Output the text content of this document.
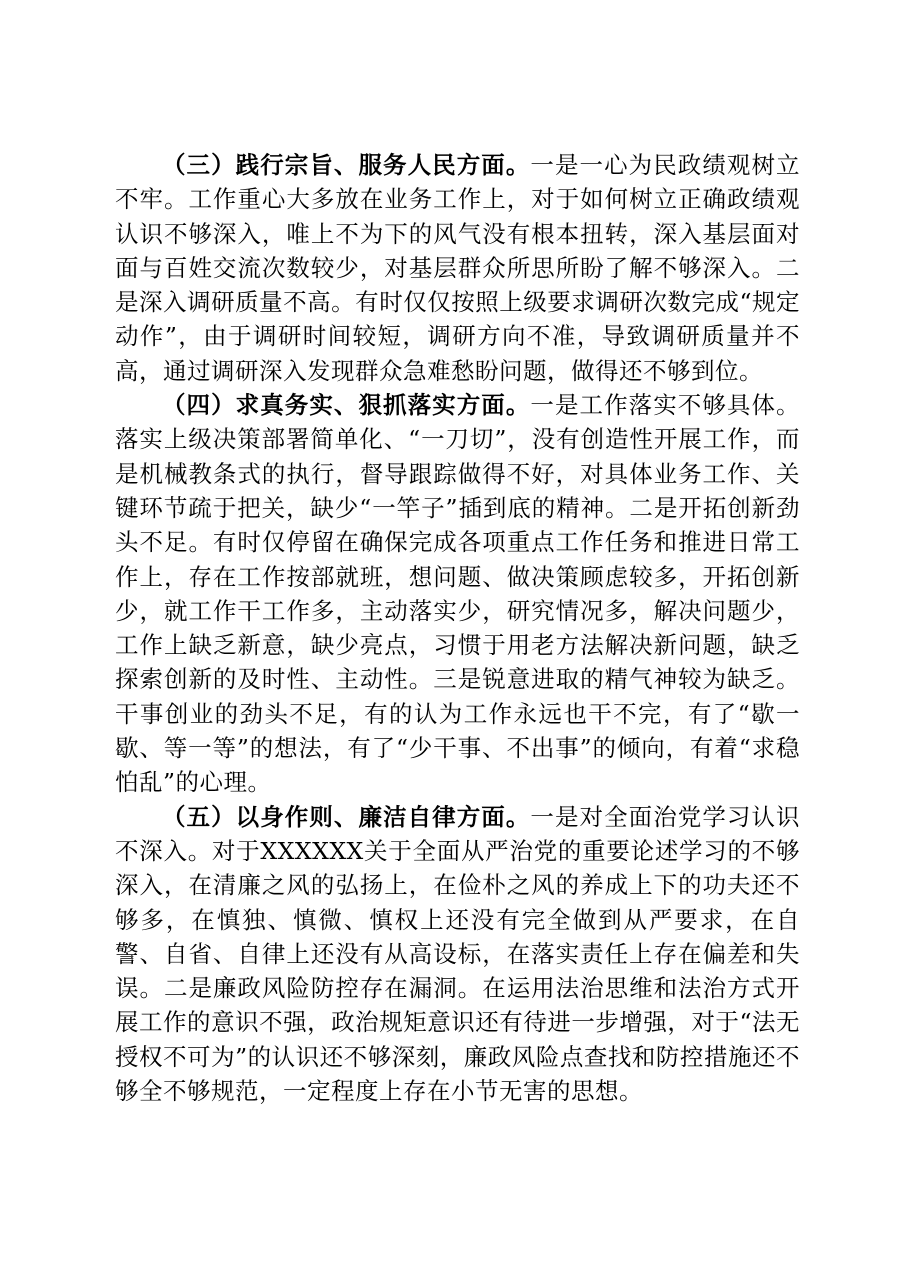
（三）践行宗旨、服务人民方面。一是一心为民政绩观树立不牢。工作重心大多放在业务工作上，对于如何树立正确政绩观认识不够深入，唯上不为下的风气没有根本扭转，深入基层面对面与百姓交流次数较少，对基层群众所思所盼了解不够深入。二是深入调研质量不高。有时仅仅按照上级要求调研次数完成“规定动作”，由于调研时间较短，调研方向不准，导致调研质量并不高，通过调研深入发现群众急难愁盼问题，做得还不够到位。

（四）求真务实、狠抓落实方面。一是工作落实不够具体。落实上级决策部署简单化、“一刀切”，没有创造性开展工作，而是机械教条式的执行，督导跟踪做得不好，对具体业务工作、关键环节疏于把关，缺少“一竿子”插到底的精神。二是开拓创新劲头不足。有时仅停留在确保完成各项重点工作任务和推进日常工作上，存在工作按部就班，想问题、做决策顾虑较多，开拓创新少，就工作干工作多，主动落实少，研究情况多，解决问题少，工作上缺乏新意，缺少亮点，习惯于用老方法解决新问题，缺乏探索创新的及时性、主动性。三是锐意进取的精气神较为缺乏。干事创业的劲头不足，有的认为工作永远也干不完，有了“歇一歇、等一等”的想法，有了“少干事、不出事”的倾向，有着“求稳怕乱”的心理。

（五）以身作则、廉洁自律方面。一是对全面治党学习认识不深入。对于XXXXXX关于全面从严治党的重要论述学习的不够深入，在清廉之风的弘扬上，在俭朴之风的养成上下的功夫还不够多，在慎独、慎微、慎权上还没有完全做到从严要求，在自警、自省、自律上还没有从高设标，在落实责任上存在偏差和失误。二是廉政风险防控存在漏洞。在运用法治思维和法治方式开展工作的意识不强，政治规矩意识还有待进一步增强，对于“法无授权不可为”的认识还不够深刻，廉政风险点查找和防控措施还不够全不够规范，一定程度上存在小节无害的思想。
